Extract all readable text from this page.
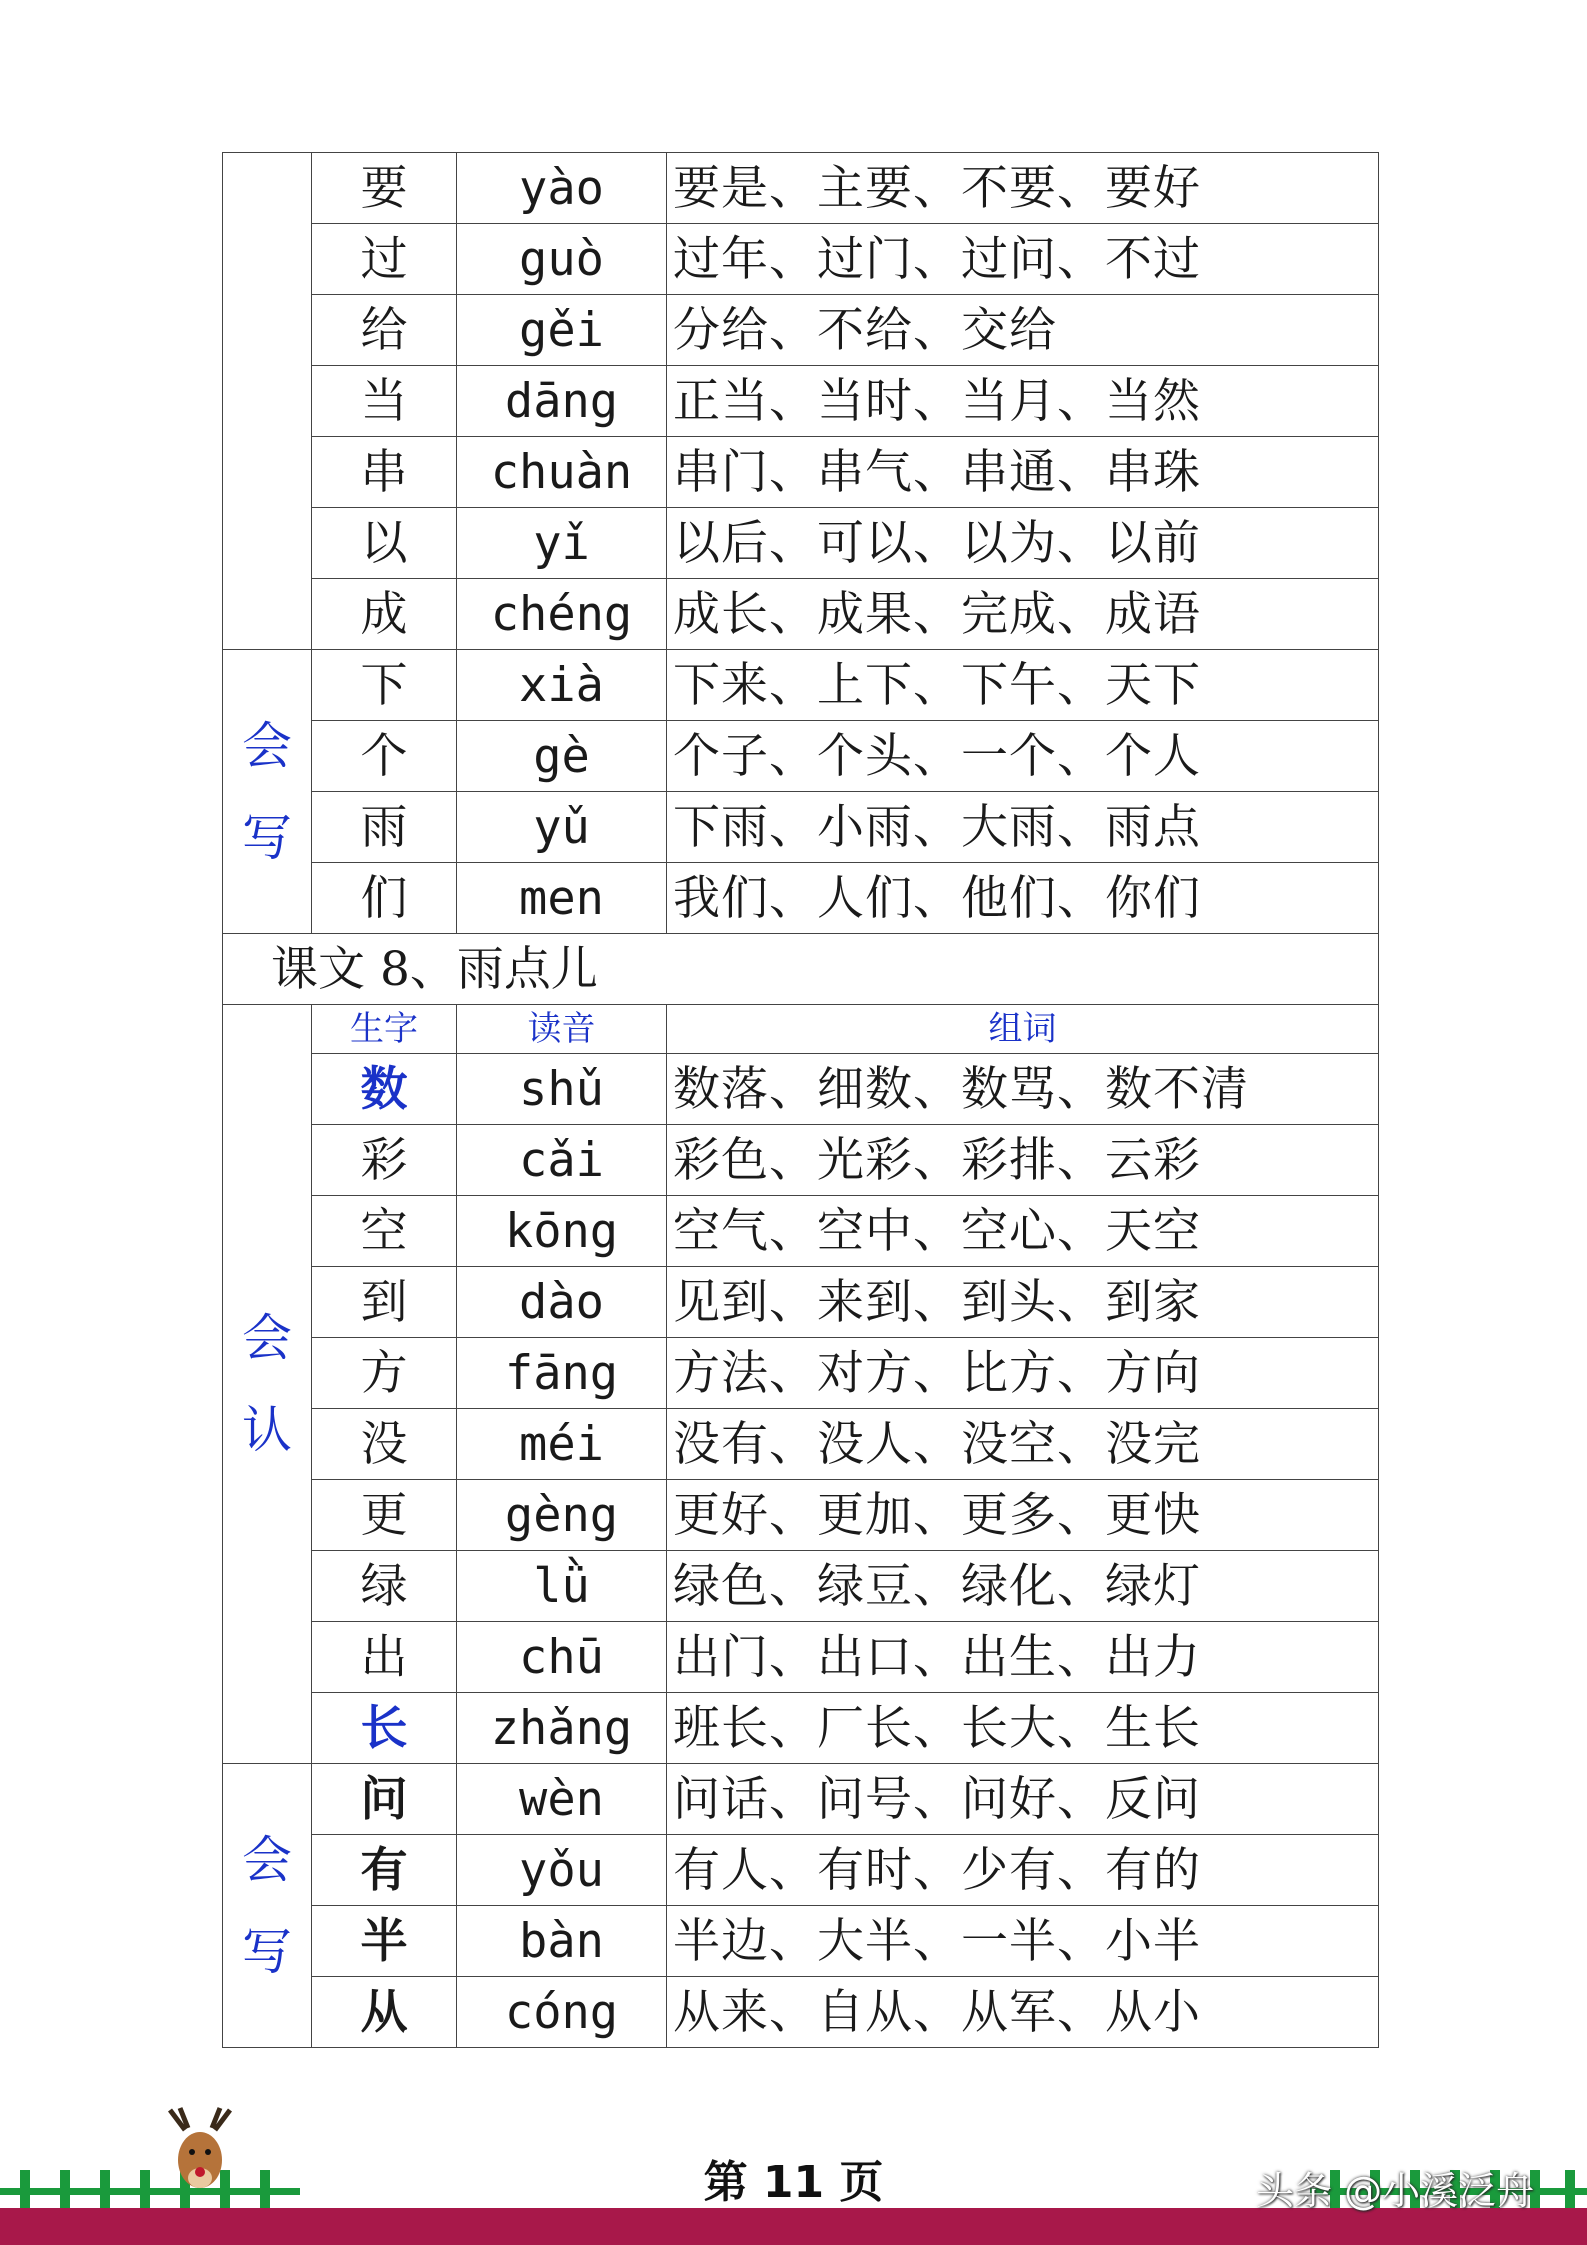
	要	yào	要是、主要、不要、要好
	过	guò	过年、过门、过问、不过
	给	gěi	分给、不给、交给
	当	dāng	正当、当时、当月、当然
	串	chuàn	串门、串气、串通、串珠
	以	yǐ	以后、可以、以为、以前
	成	chéng	成长、成果、完成、成语
会写	下	xià	下来、上下、下午、天下
	个	gè	个子、个头、一个、个人
	雨	yǔ	下雨、小雨、大雨、雨点
	们	men	我们、人们、他们、你们
课文 8、雨点儿			
会认	生字	读音	组词
	数	shǔ	数落、细数、数骂、数不清
	彩	cǎi	彩色、光彩、彩排、云彩
	空	kōng	空气、空中、空心、天空
	到	dào	见到、来到、到头、到家
	方	fāng	方法、对方、比方、方向
	没	méi	没有、没人、没空、没完
	更	gèng	更好、更加、更多、更快
	绿	lǜ	绿色、绿豆、绿化、绿灯
	出	chū	出门、出口、出生、出力
	长	zhǎng	班长、厂长、长大、生长
会写	问	wèn	问话、问号、问好、反问
	有	yǒu	有人、有时、少有、有的
	半	bàn	半边、大半、一半、小半
	从	cóng	从来、自从、从军、从小
第 11 页	头条 @小溪泛舟
